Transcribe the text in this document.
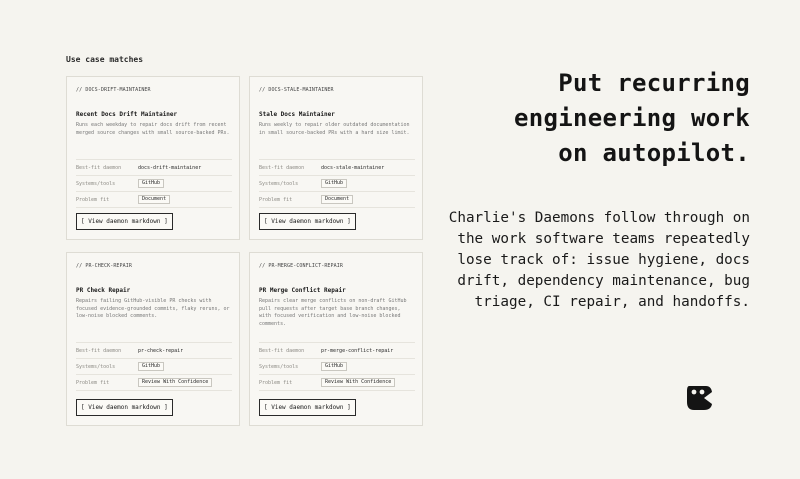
Use case matches
// DOCS-DRIFT-MAINTAINER
Recent Docs Drift Maintainer
Runs each weekday to repair docs drift from recent merged source changes with small source-backed PRs.
Best-fit daemon	docs-drift-maintainer
Systems/tools	GitHub
Problem fit	Document
[ View daemon markdown ]
// DOCS-STALE-MAINTAINER
Stale Docs Maintainer
Runs weekly to repair older outdated documentation in small source-backed PRs with a hard size limit.
Best-fit daemon	docs-stale-maintainer
Systems/tools	GitHub
Problem fit	Document
[ View daemon markdown ]
// PR-CHECK-REPAIR
PR Check Repair
Repairs failing GitHub-visible PR checks with focused evidence-grounded commits, flaky reruns, or low-noise blocked comments.
Best-fit daemon	pr-check-repair
Systems/tools	GitHub
Problem fit	Review With Confidence
[ View daemon markdown ]
// PR-MERGE-CONFLICT-REPAIR
PR Merge Conflict Repair
Repairs clear merge conflicts on non-draft GitHub pull requests after target base branch changes, with focused verification and low-noise blocked comments.
Best-fit daemon	pr-merge-conflict-repair
Systems/tools	GitHub
Problem fit	Review With Confidence
[ View daemon markdown ]
Put recurring engineering work on autopilot.
Charlie's Daemons follow through on the work software teams repeatedly lose track of: issue hygiene, docs drift, dependency maintenance, bug triage, CI repair, and handoffs.
